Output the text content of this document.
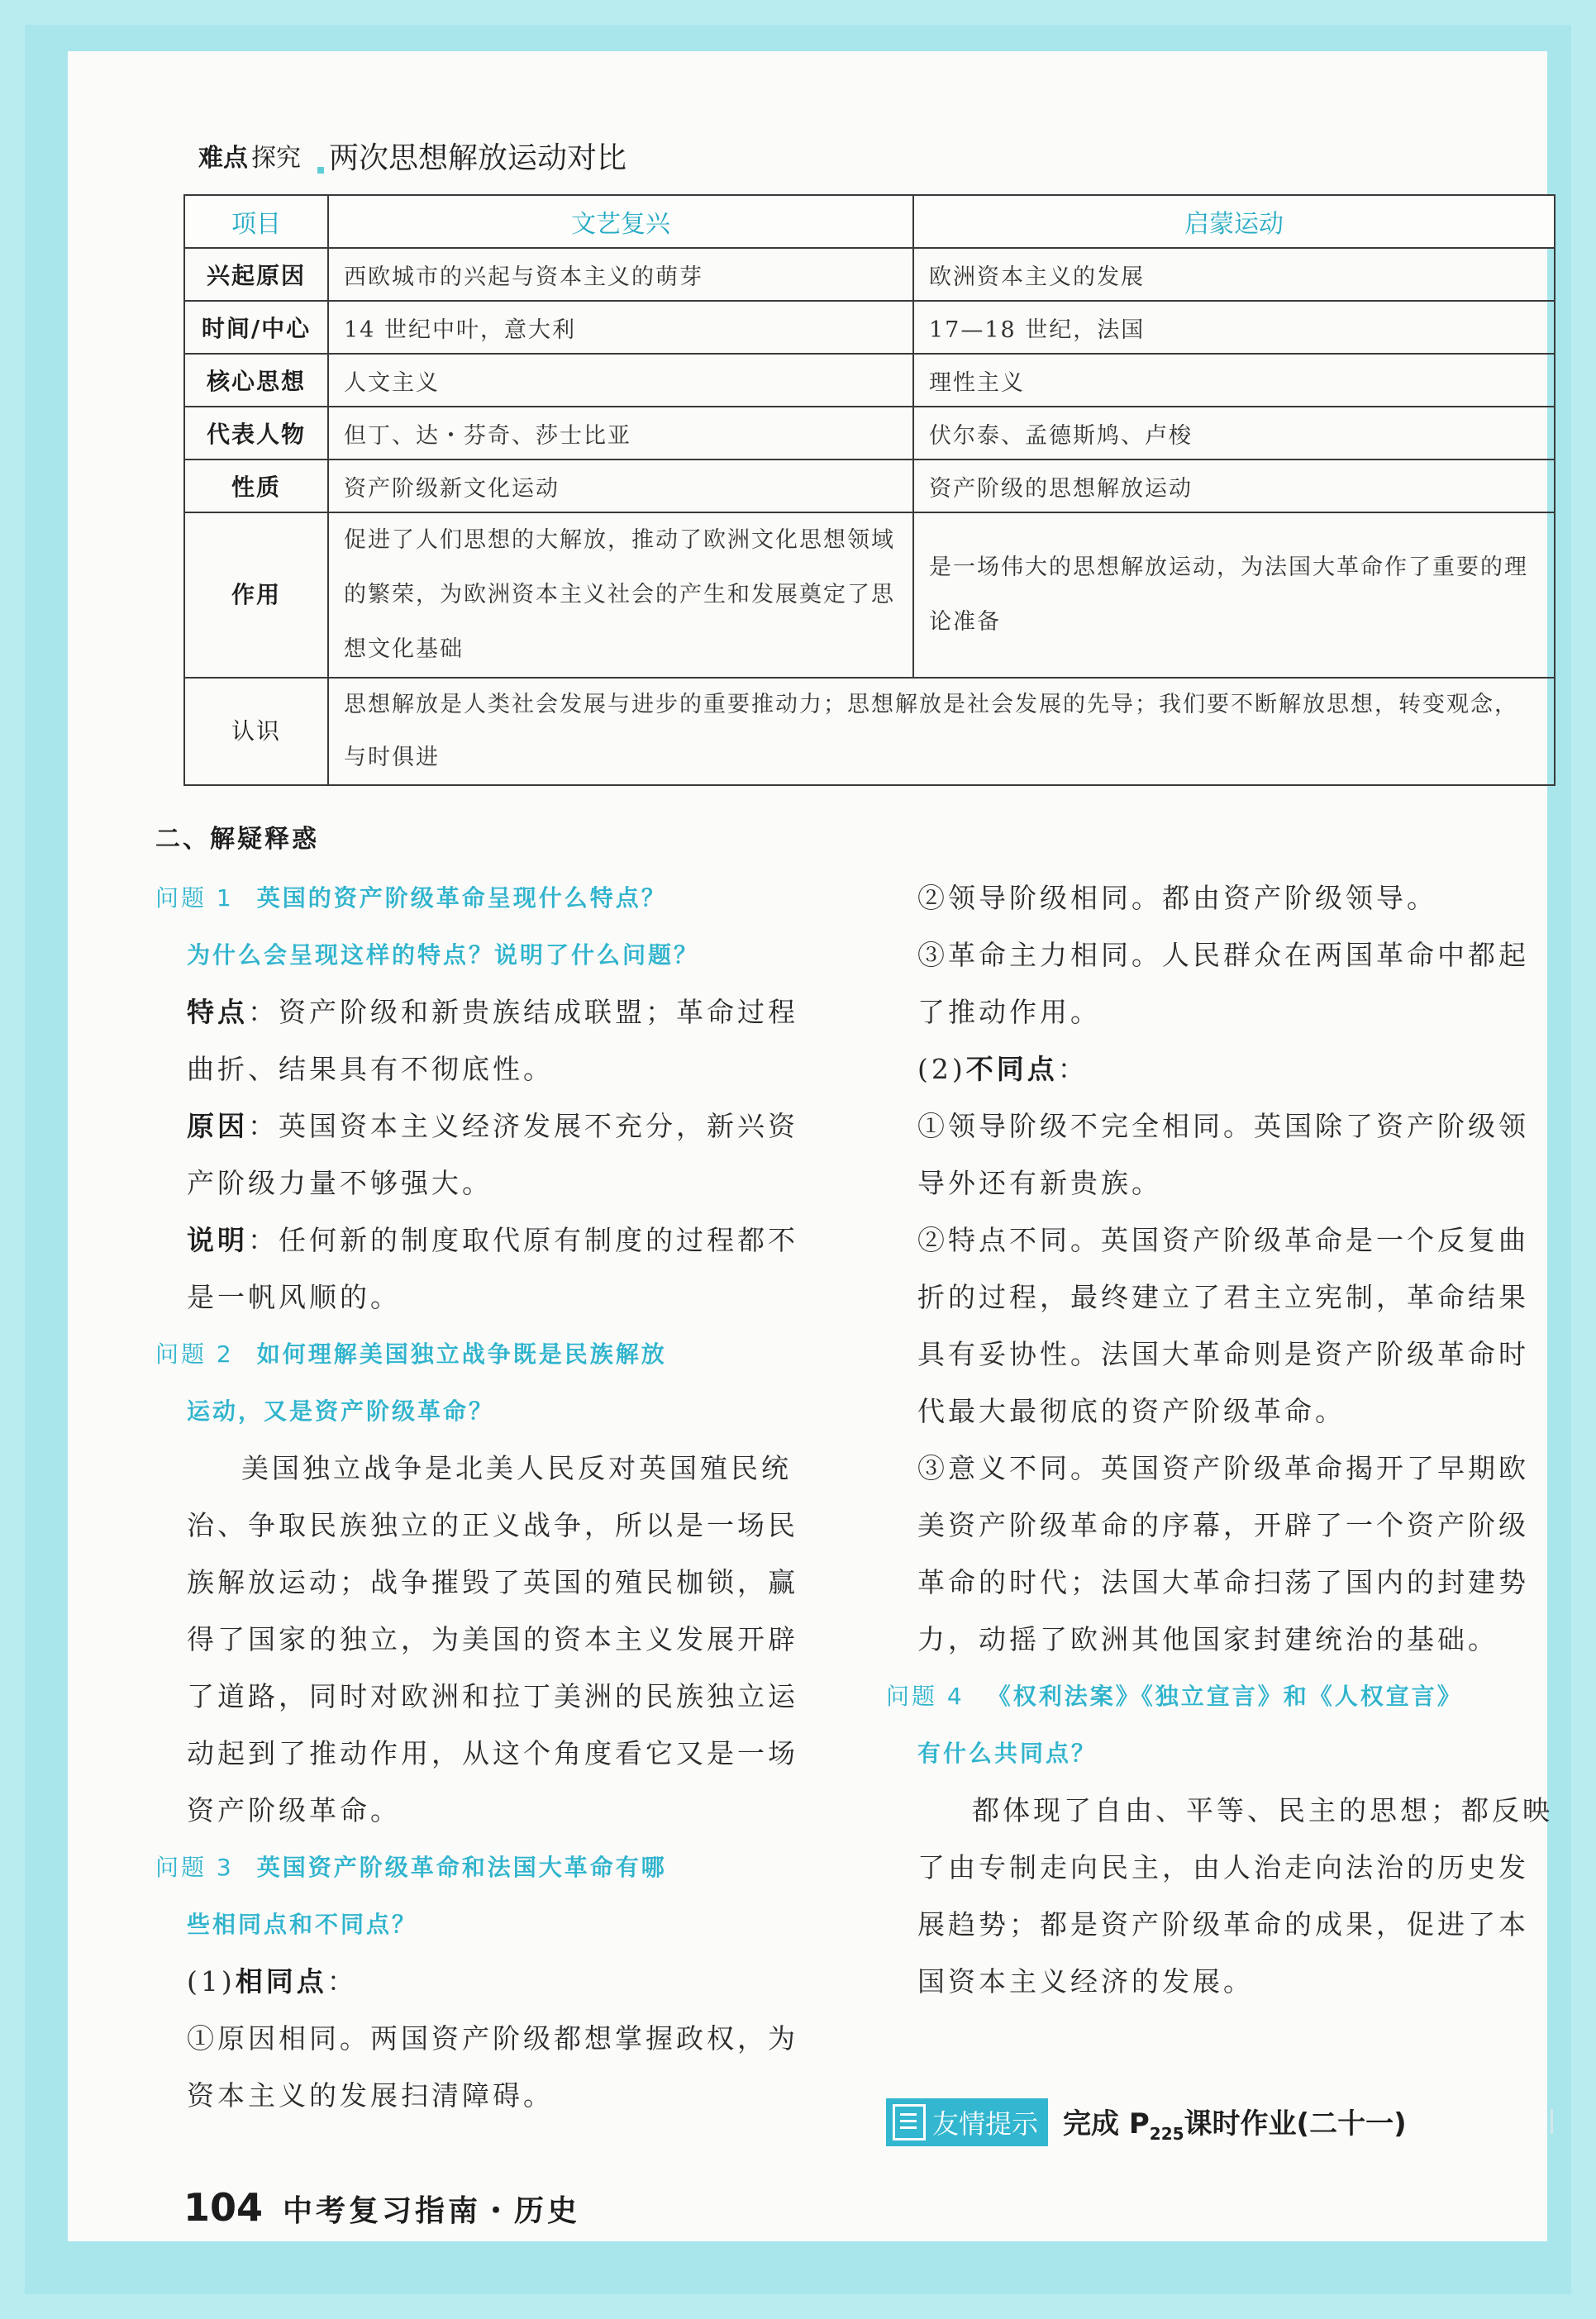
难点 探究 两次思想解放运动对比
项目	文艺复兴	启蒙运动
兴起原因	西欧城市的兴起与资本主义的萌芽	欧洲资本主义的发展
时间/中心	14 世纪中叶，意大利	17—18 世纪，法国
核心思想	人文主义	理性主义
代表人物	但丁、达・芬奇、莎士比亚	伏尔泰、孟德斯鸠、卢梭
性质	资产阶级新文化运动	资产阶级的思想解放运动
作用	促进了人们思想的大解放，推动了欧洲文化思想领域的繁荣，为欧洲资本主义社会的产生和发展奠定了思想文化基础	是一场伟大的思想解放运动，为法国大革命作了重要的理论准备
认识	思想解放是人类社会发展与进步的重要推动力；思想解放是社会发展的先导；我们要不断解放思想，转变观念，与时俱进	
二、解疑释惑
问题 1 英国的资产阶级革命呈现什么特点？
为什么会呈现这样的特点？说明了什么问题？

特点：资产阶级和新贵族结成联盟；革命过程曲折、结果具有不彻底性。

原因：英国资本主义经济发展不充分，新兴资产阶级力量不够强大。

说明：任何新的制度取代原有制度的过程都不是一帆风顺的。

问题 2 如何理解美国独立战争既是民族解放
运动，又是资产阶级革命？

美国独立战争是北美人民反对英国殖民统治、争取民族独立的正义战争，所以是一场民族解放运动；战争摧毁了英国的殖民枷锁，赢得了国家的独立，为美国的资本主义发展开辟了道路，同时对欧洲和拉丁美洲的民族独立运动起到了推动作用，从这个角度看它又是一场资产阶级革命。

问题 3 英国资产阶级革命和法国大革命有哪
些相同点和不同点？

(1)相同点：

①原因相同。两国资产阶级都想掌握政权，为资本主义的发展扫清障碍。

②领导阶级相同。都由资产阶级领导。

③革命主力相同。人民群众在两国革命中都起了推动作用。

(2)不同点：

①领导阶级不完全相同。英国除了资产阶级领导外还有新贵族。

②特点不同。英国资产阶级革命是一个反复曲折的过程，最终建立了君主立宪制，革命结果具有妥协性。法国大革命则是资产阶级革命时代最大最彻底的资产阶级革命。

③意义不同。英国资产阶级革命揭开了早期欧美资产阶级革命的序幕，开辟了一个资产阶级革命的时代；法国大革命扫荡了国内的封建势力，动摇了欧洲其他国家封建统治的基础。

问题 4 《权利法案》《独立宣言》和《人权宣言》
有什么共同点？

都体现了自由、平等、民主的思想；都反映了由专制走向民主，由人治走向法治的历史发展趋势；都是资产阶级革命的成果，促进了本国资本主义经济的发展。

友情提示 完成 $P_{225}$课时作业(二十一)
104 中考复习指南・历史
